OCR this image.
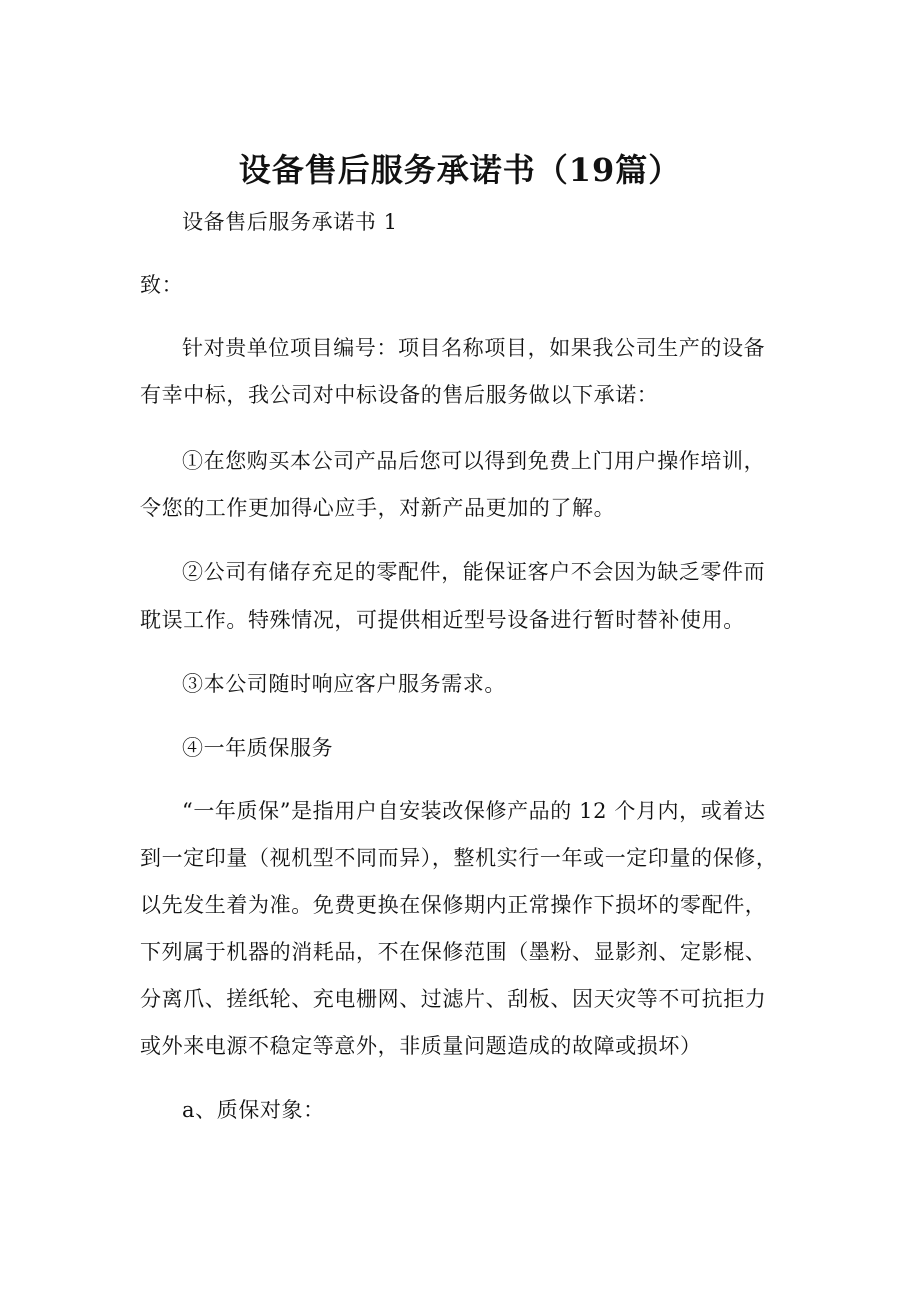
设备售后服务承诺书（19篇）

设备售后服务承诺书 1

致：

针对贵单位项目编号：项目名称项目，如果我公司生产的设备

有幸中标，我公司对中标设备的售后服务做以下承诺：

①在您购买本公司产品后您可以得到免费上门用户操作培训，

令您的工作更加得心应手，对新产品更加的了解。

②公司有储存充足的零配件，能保证客户不会因为缺乏零件而

耽误工作。特殊情况，可提供相近型号设备进行暂时替补使用。

③本公司随时响应客户服务需求。

④一年质保服务

“一年质保”是指用户自安装改保修产品的 12 个月内，或着达

到一定印量（视机型不同而异），整机实行一年或一定印量的保修，

以先发生着为准。免费更换在保修期内正常操作下损坏的零配件，

下列属于机器的消耗品，不在保修范围（墨粉、显影剂、定影棍、

分离爪、搓纸轮、充电栅网、过滤片、刮板、因天灾等不可抗拒力

或外来电源不稳定等意外，非质量问题造成的故障或损坏）

a、质保对象：
